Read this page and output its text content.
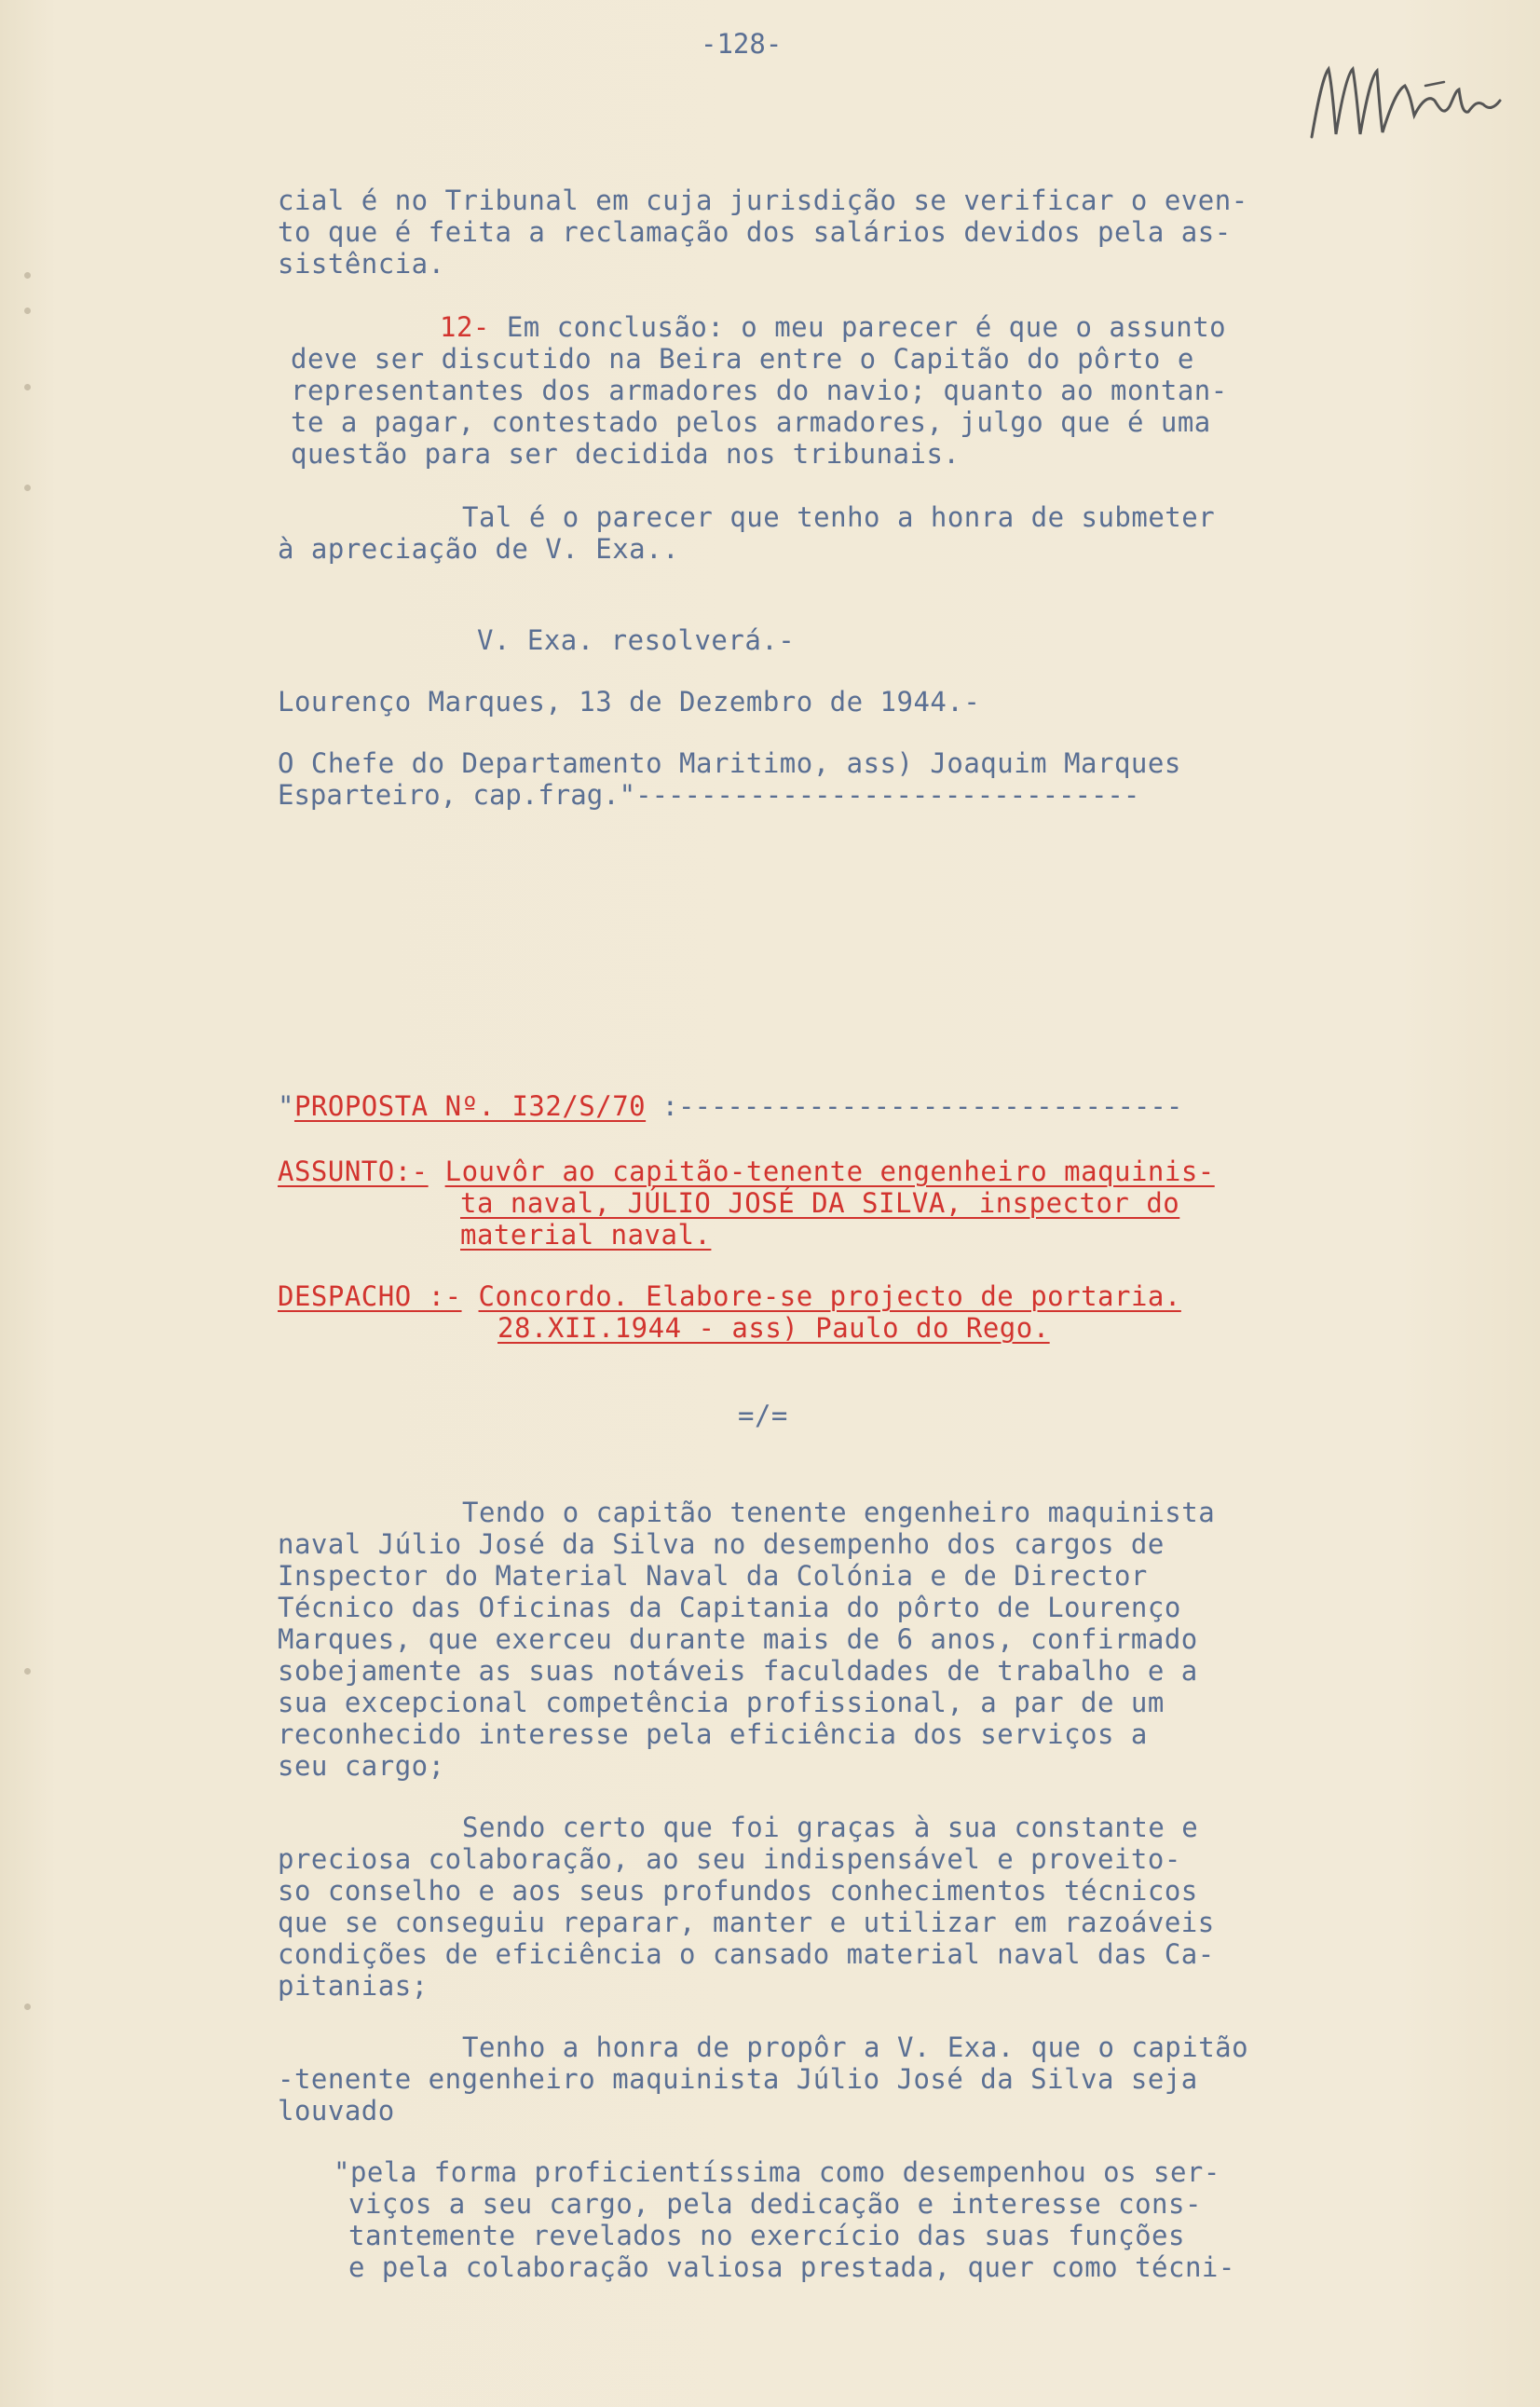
-128-

cial é no Tribunal em cuja jurisdição se verificar o even-

to que é feita a reclamação dos salários devidos pela as-

sistência.

12- Em conclusão: o meu parecer é que o assunto

deve ser discutido na Beira entre o Capitão do pôrto e

representantes dos armadores do navio; quanto ao montan-

te a pagar, contestado pelos armadores, julgo que é uma

questão para ser decidida nos tribunais.

Tal é o parecer que tenho a honra de submeter

à apreciação de V. Exa..

V. Exa. resolverá.-

Lourenço Marques, 13 de Dezembro de 1944.-

O Chefe do Departamento Maritimo, ass) Joaquim Marques

Esparteiro, cap.frag."-------------------------------

"PROPOSTA Nº. I32/S/70 :-------------------------------

ASSUNTO:- Louvôr ao capitão-tenente engenheiro maquinis-

ta naval, JÚLIO JOSÉ DA SILVA, inspector do

material naval.

DESPACHO :- Concordo. Elabore-se projecto de portaria.

28.XII.1944 - ass) Paulo do Rego.

=/=

Tendo o capitão tenente engenheiro maquinista

naval Júlio José da Silva no desempenho dos cargos de

Inspector do Material Naval da Colónia e de Director

Técnico das Oficinas da Capitania do pôrto de Lourenço

Marques, que exerceu durante mais de 6 anos, confirmado

sobejamente as suas notáveis faculdades de trabalho e a

sua excepcional competência profissional, a par de um

reconhecido interesse pela eficiência dos serviços a

seu cargo;

Sendo certo que foi graças à sua constante e

preciosa colaboração, ao seu indispensável e proveito-

so conselho e aos seus profundos conhecimentos técnicos

que se conseguiu reparar, manter e utilizar em razoáveis

condições de eficiência o cansado material naval das Ca-

pitanias;

Tenho a honra de propôr a V. Exa. que o capitão

-tenente engenheiro maquinista Júlio José da Silva seja

louvado

"pela forma proficientíssima como desempenhou os ser-

viços a seu cargo, pela dedicação e interesse cons-

tantemente revelados no exercício das suas funções

e pela colaboração valiosa prestada, quer como técni-
